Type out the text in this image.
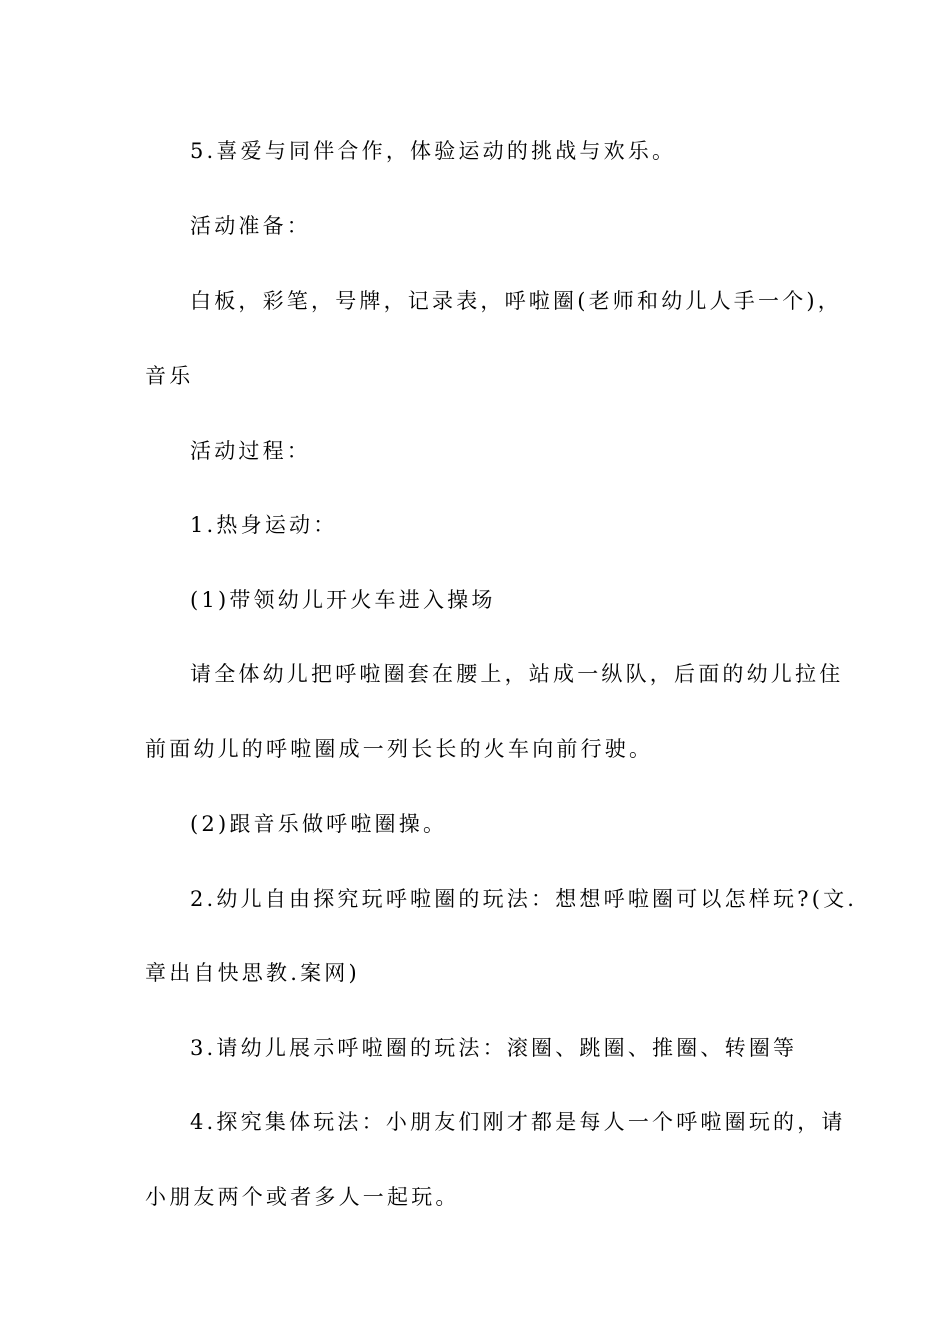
5.喜爱与同伴合作，体验运动的挑战与欢乐。
活动准备：
白板，彩笔，号牌，记录表，呼啦圈(老师和幼儿人手一个)，
音乐
活动过程：
1.热身运动：
(1)带领幼儿开火车进入操场
请全体幼儿把呼啦圈套在腰上，站成一纵队，后面的幼儿拉住
前面幼儿的呼啦圈成一列长长的火车向前行驶。
(2)跟音乐做呼啦圈操。
2.幼儿自由探究玩呼啦圈的玩法：想想呼啦圈可以怎样玩?(文.
章出自快思教.案网)
3.请幼儿展示呼啦圈的玩法：滚圈、跳圈、推圈、转圈等
4.探究集体玩法：小朋友们刚才都是每人一个呼啦圈玩的，请
小朋友两个或者多人一起玩。
